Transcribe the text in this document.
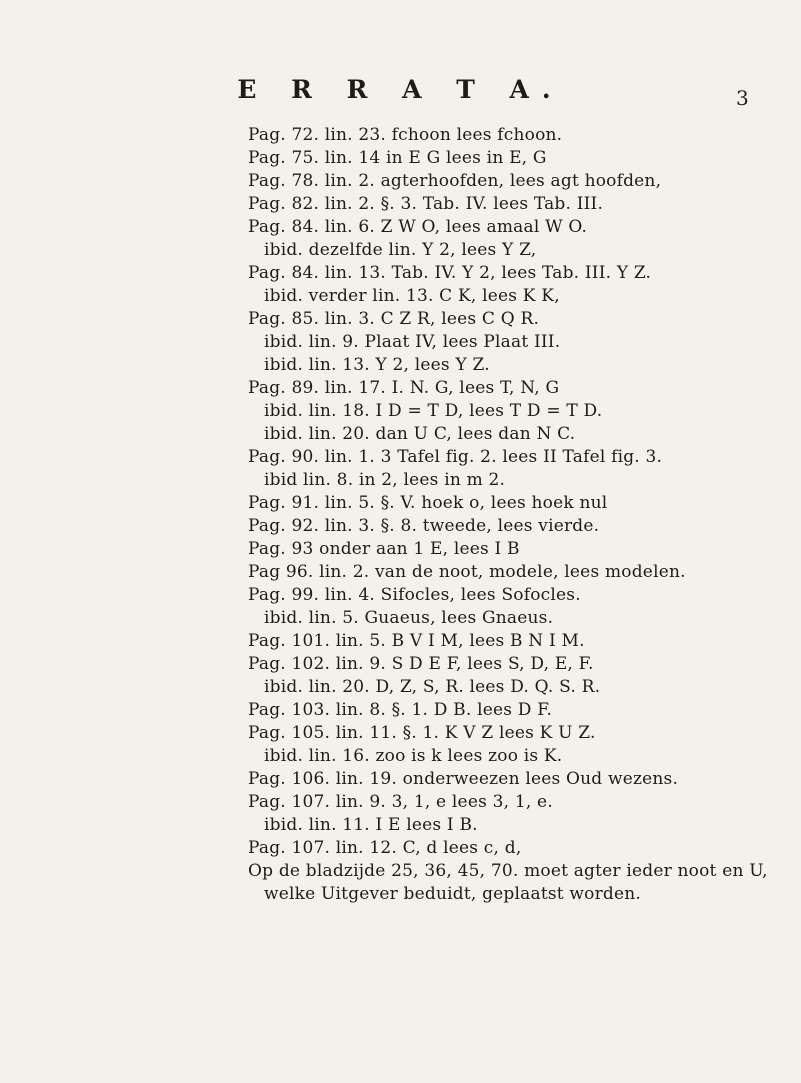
E R R A T A.	3
Pag. 72. lin. 23. fchoon lees fchoon.
Pag. 75. lin. 14 in E G lees in E, G
Pag. 78. lin. 2. agterhoofden, lees agt hoofden,
Pag. 82. lin. 2. §. 3. Tab. IV. lees Tab. III.
Pag. 84. lin. 6. Z W O, lees amaal W O.
ibid. dezelfde lin. Y 2, lees Y Z,
Pag. 84. lin. 13. Tab. IV. Y 2, lees Tab. III. Y Z.
ibid. verder lin. 13. C K, lees K K,
Pag. 85. lin. 3. C Z R, lees C Q R.
ibid. lin. 9. Plaat IV, lees Plaat III.
ibid. lin. 13. Y 2, lees Y Z.
Pag. 89. lin. 17. I. N. G, lees T, N, G
ibid. lin. 18. I D = T D, lees T D = T D.
ibid. lin. 20. dan U C, lees dan N C.
Pag. 90. lin. 1. 3 Tafel fig. 2. lees II Tafel fig. 3.
ibid lin. 8. in 2, lees in m 2.
Pag. 91. lin. 5. §. V. hoek o, lees hoek nul
Pag. 92. lin. 3. §. 8. tweede, lees vierde.
Pag. 93 onder aan 1 E, lees I B
Pag 96. lin. 2. van de noot, modele, lees modelen.
Pag. 99. lin. 4. Sifocles, lees Sofocles.
ibid. lin. 5. Guaeus, lees Gnaeus.
Pag. 101. lin. 5. B V I M, lees B N I M.
Pag. 102. lin. 9. S D E F, lees S, D, E, F.
ibid. lin. 20. D, Z, S, R. lees D. Q. S. R.
Pag. 103. lin. 8. §. 1. D B. lees D F.
Pag. 105. lin. 11. §. 1. K V Z lees K U Z.
ibid. lin. 16. zoo is k lees zoo is K.
Pag. 106. lin. 19. onderweezen lees Oud wezens.
Pag. 107. lin. 9. 3, 1, e lees 3, 1, e.
ibid. lin. 11. I E lees I B.
Pag. 107. lin. 12. C, d lees c, d,
Op de bladzijde 25, 36, 45, 70. moet agter ieder noot en U, welke Uitgever beduidt, geplaatst worden.
